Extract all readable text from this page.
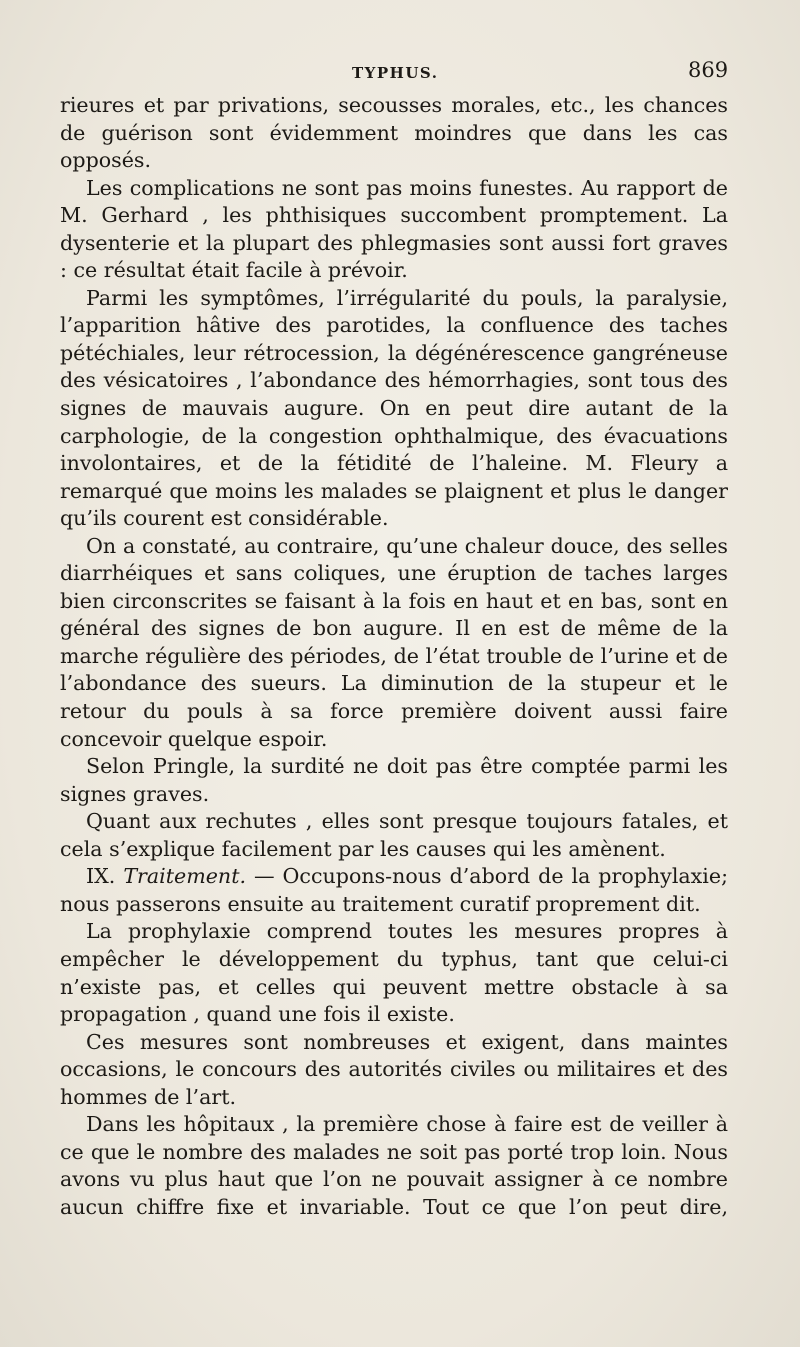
TYPHUS.	869

rieures et par privations, secousses morales, etc., les chances de guérison sont évidemment moindres que dans les cas opposés.

Les complications ne sont pas moins funestes. Au rapport de M. Gerhard , les phthisiques succombent promptement. La dysenterie et la plupart des phlegmasies sont aussi fort graves : ce résultat était facile à prévoir.

Parmi les symptômes, l’irrégularité du pouls, la paralysie, l’apparition hâtive des parotides, la confluence des taches pétéchiales, leur rétrocession, la dégénérescence gangréneuse des vésicatoires , l’abondance des hémorrhagies, sont tous des signes de mauvais augure. On en peut dire autant de la carphologie, de la congestion ophthalmique, des évacuations involontaires, et de la fétidité de l’haleine. M. Fleury a remarqué que moins les malades se plaignent et plus le danger qu’ils courent est considérable.

On a constaté, au contraire, qu’une chaleur douce, des selles diarrhéiques et sans coliques, une éruption de taches larges bien circonscrites se faisant à la fois en haut et en bas, sont en général des signes de bon augure. Il en est de même de la marche régulière des périodes, de l’état trouble de l’urine et de l’abondance des sueurs. La diminution de la stupeur et le retour du pouls à sa force première doivent aussi faire concevoir quelque espoir.

Selon Pringle, la surdité ne doit pas être comptée parmi les signes graves.

Quant aux rechutes , elles sont presque toujours fatales, et cela s’explique facilement par les causes qui les amènent.

IX. Traitement. — Occupons-nous d’abord de la prophylaxie; nous passerons ensuite au traitement curatif proprement dit.

La prophylaxie comprend toutes les mesures propres à empêcher le développement du typhus, tant que celui-ci n’existe pas, et celles qui peuvent mettre obstacle à sa propagation , quand une fois il existe.

Ces mesures sont nombreuses et exigent, dans maintes occasions, le concours des autorités civiles ou militaires et des hommes de l’art.

Dans les hôpitaux , la première chose à faire est de veiller à ce que le nombre des malades ne soit pas porté trop loin. Nous avons vu plus haut que l’on ne pouvait assigner à ce nombre aucun chiffre fixe et invariable. Tout ce que l’on peut dire,
